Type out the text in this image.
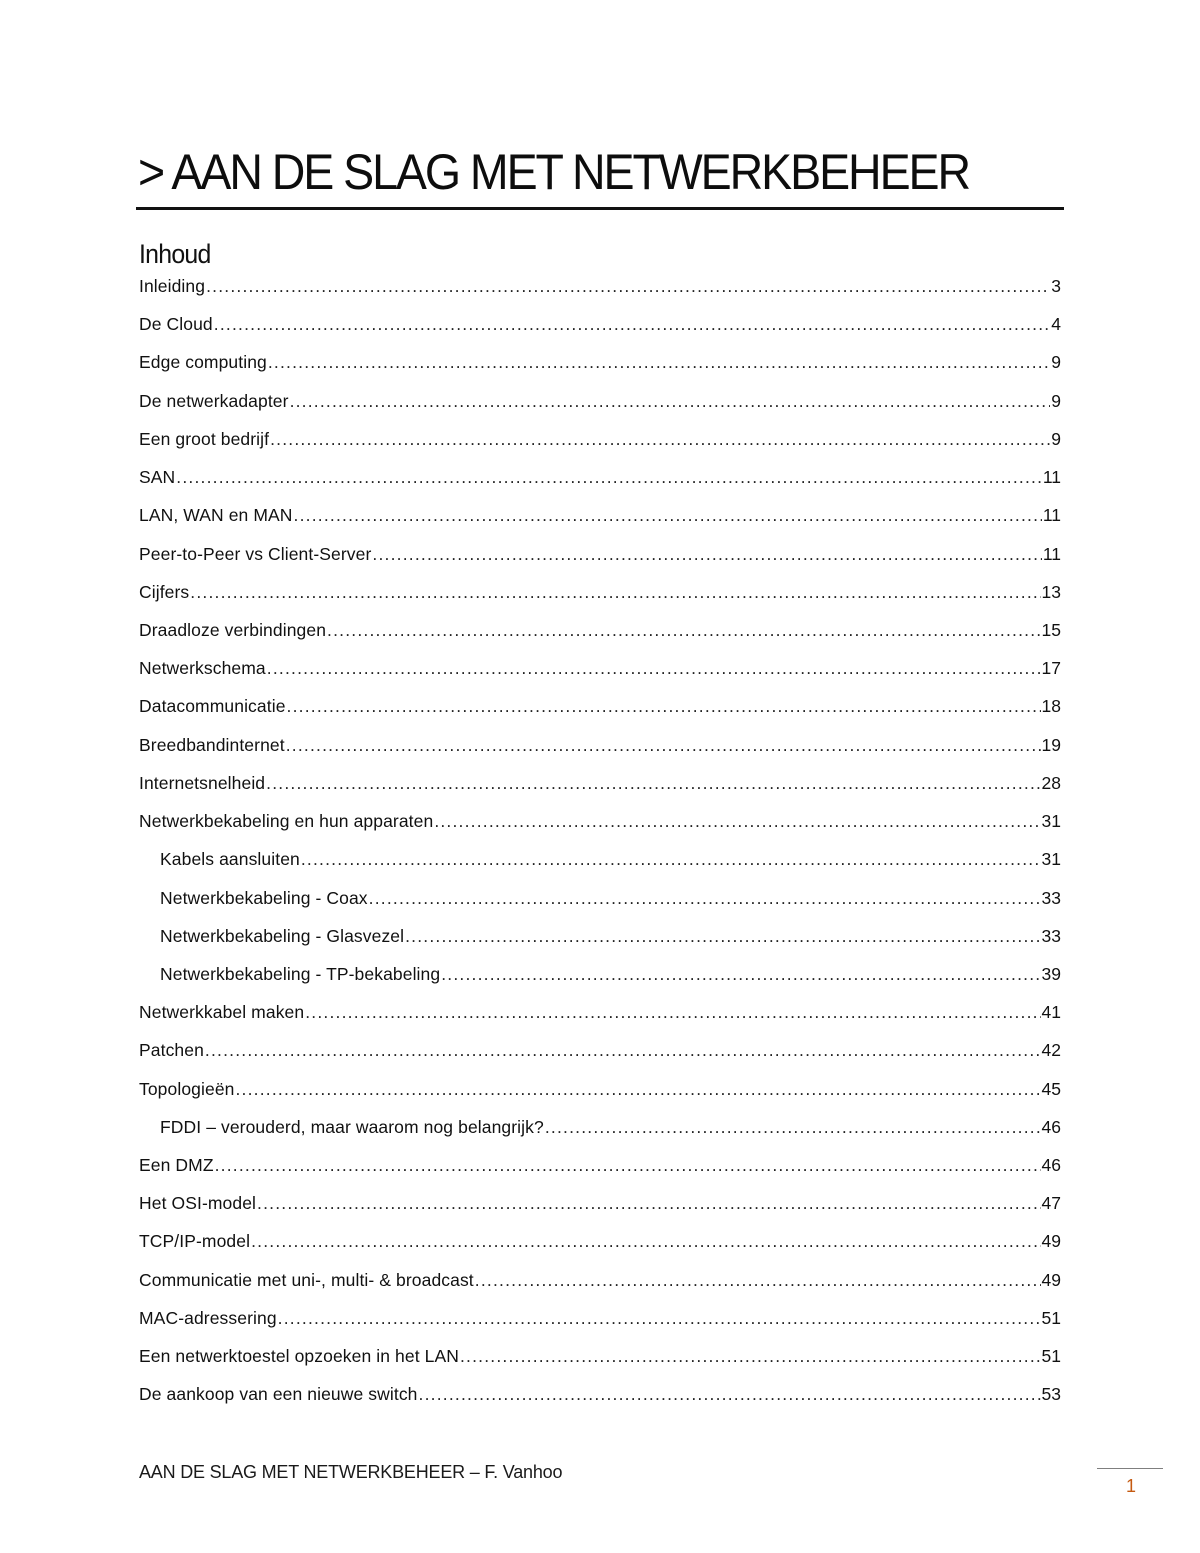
> AAN DE SLAG MET NETWERKBEHEER
Inhoud
Inleiding .....	3
De Cloud .....	4
Edge computing .....	9
De netwerkadapter .....	9
Een groot bedrijf .....	9
SAN .....	11
LAN, WAN en MAN .....	11
Peer-to-Peer vs Client-Server .....	11
Cijfers .....	13
Draadloze verbindingen .....	15
Netwerkschema .....	17
Datacommunicatie .....	18
Breedbandinternet .....	19
Internetsnelheid .....	28
Netwerkbekabeling en hun apparaten .....	31
Kabels aansluiten .....	31
Netwerkbekabeling - Coax .....	33
Netwerkbekabeling - Glasvezel .....	33
Netwerkbekabeling - TP-bekabeling .....	39
Netwerkkabel maken .....	41
Patchen .....	42
Topologieën .....	45
FDDI – verouderd, maar waarom nog belangrijk? .....	46
Een DMZ .....	46
Het OSI-model .....	47
TCP/IP-model .....	49
Communicatie met uni-, multi- & broadcast .....	49
MAC-adressering .....	51
Een netwerktoestel opzoeken in het LAN .....	51
De aankoop van een nieuwe switch .....	53
AAN DE SLAG MET NETWERKBEHEER – F. Vanhoo
1
